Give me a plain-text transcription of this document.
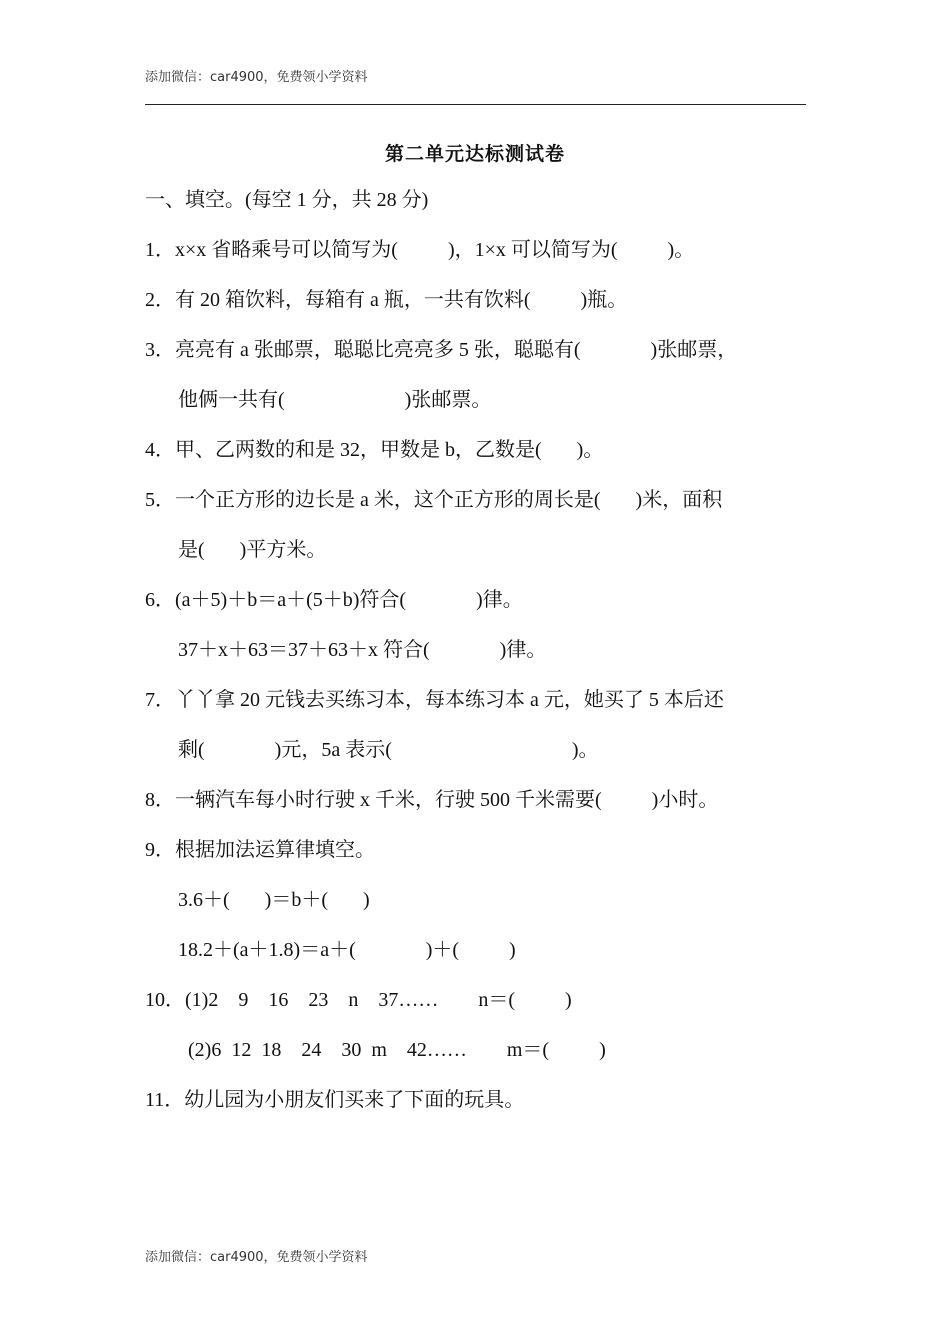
添加微信：car4900，免费领小学资料
第二单元达标测试卷
一、填空。(每空 1 分，共 28 分)
1．x×x 省略乘号可以简写为(          )，1×x 可以简写为(          )。
2．有 20 箱饮料，每箱有 a 瓶，一共有饮料(          )瓶。
3．亮亮有 a 张邮票，聪聪比亮亮多 5 张，聪聪有(              )张邮票，
他俩一共有(                        )张邮票。
4．甲、乙两数的和是 32，甲数是 b，乙数是(       )。
5．一个正方形的边长是 a 米，这个正方形的周长是(       )米，面积
是(       )平方米。
6．(a＋5)＋b＝a＋(5＋b)符合(              )律。
37＋x＋63＝37＋63＋x 符合(              )律。
7．丫丫拿 20 元钱去买练习本，每本练习本 a 元，她买了 5 本后还
剩(              )元，5a 表示(                                    )。
8．一辆汽车每小时行驶 x 千米，行驶 500 千米需要(          )小时。
9．根据加法运算律填空。
3.6＋(       )＝b＋(       )
18.2＋(a＋1.8)＝a＋(              )＋(          )
10．(1)2    9    16    23    n    37……        n＝(          )
(2)6  12  18    24    30  m    42……        m＝(          )
11．幼儿园为小朋友们买来了下面的玩具。
添加微信：car4900，免费领小学资料
